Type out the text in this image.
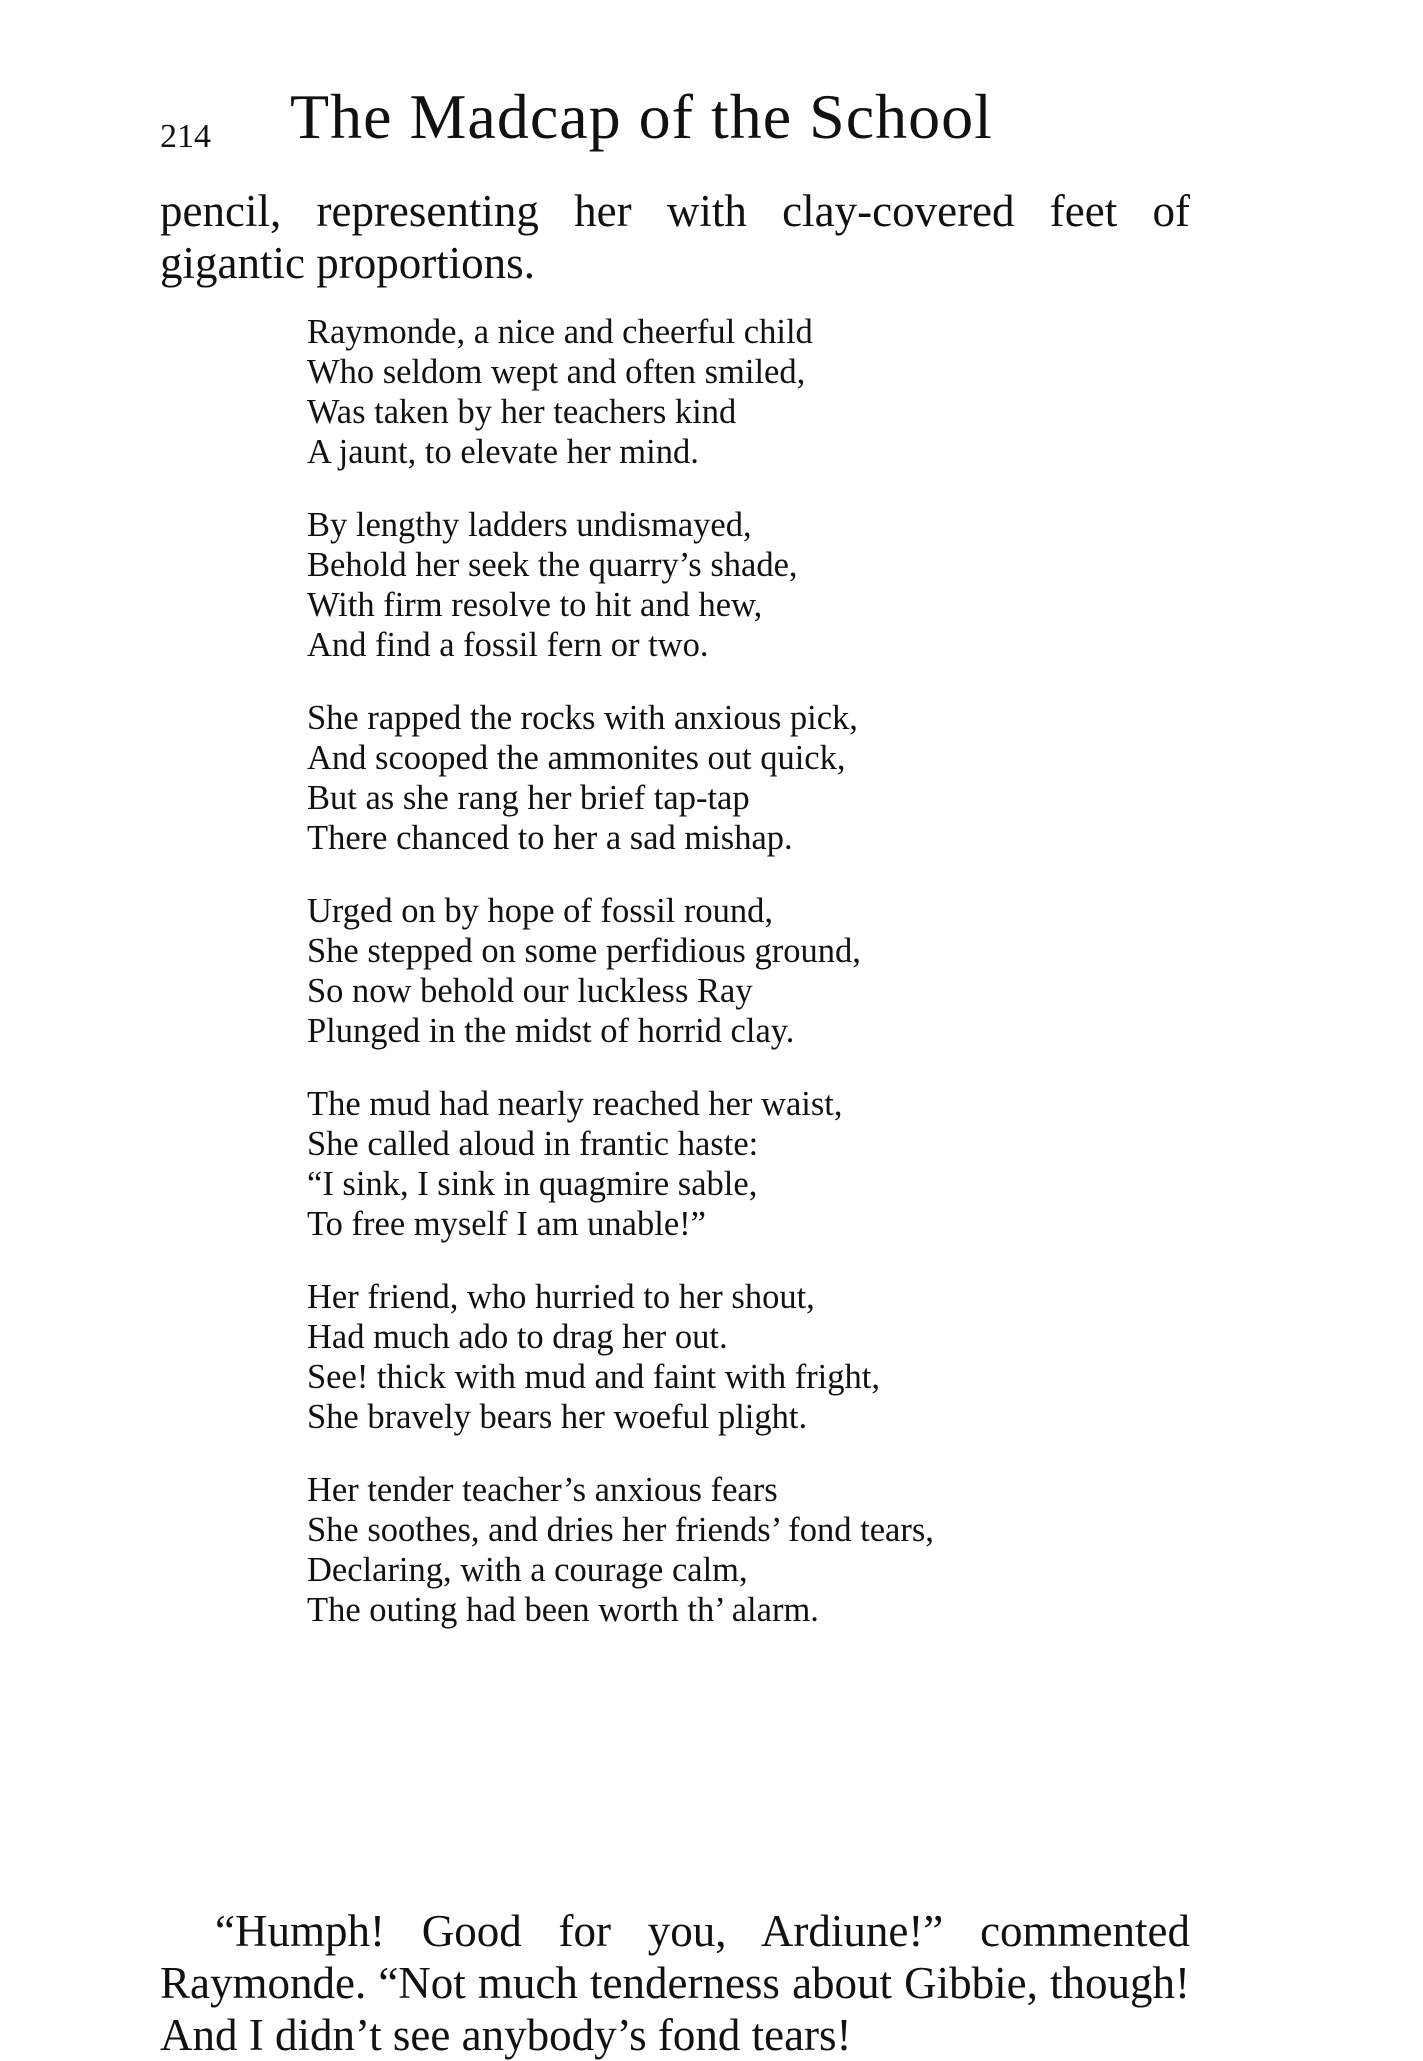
214 The Madcap of the School

pencil, representing her with clay-covered feet of gigantic proportions.

Raymonde, a nice and cheerful child
Who seldom wept and often smiled,
Was taken by her teachers kind
A jaunt, to elevate her mind.
By lengthy ladders undismayed,
Behold her seek the quarry’s shade,
With firm resolve to hit and hew,
And find a fossil fern or two.
She rapped the rocks with anxious pick,
And scooped the ammonites out quick,
But as she rang her brief tap-tap
There chanced to her a sad mishap.
Urged on by hope of fossil round,
She stepped on some perfidious ground,
So now behold our luckless Ray
Plunged in the midst of horrid clay.
The mud had nearly reached her waist,
She called aloud in frantic haste:
“I sink, I sink in quagmire sable,
To free myself I am unable!”
Her friend, who hurried to her shout,
Had much ado to drag her out.
See! thick with mud and faint with fright,
She bravely bears her woeful plight.
Her tender teacher’s anxious fears
She soothes, and dries her friends’ fond tears,
Declaring, with a courage calm,
The outing had been worth th’ alarm.

“Humph! Good for you, Ardiune!” commented Raymonde. “Not much tenderness about Gibbie, though! And I didn’t see anybody’s fond tears!
